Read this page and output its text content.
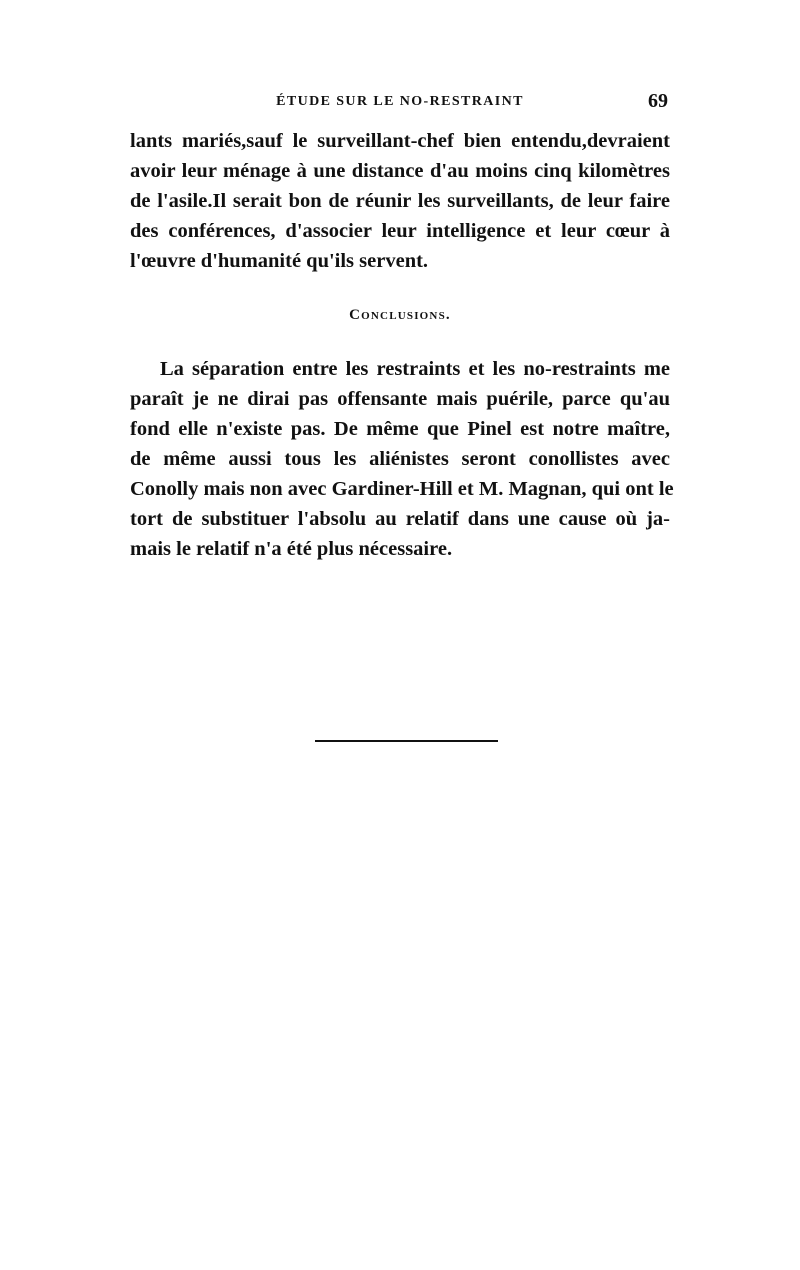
ÉTUDE SUR LE NO-RESTRAINT	69
lants mariés,sauf le surveillant-chef bien entendu,devraient
avoir leur ménage à une distance d'au moins cinq kilomètres
de l'asile.Il serait bon de réunir les surveillants, de leur faire
des conférences, d'associer leur intelligence et leur cœur à
l'œuvre d'humanité qu'ils servent.
Conclusions.
La séparation entre les restraints et les no-restraints me
paraît je ne dirai pas offensante mais puérile, parce qu'au
fond elle n'existe pas. De même que Pinel est notre maître,
de même aussi tous les aliénistes seront conollistes avec
Conolly mais non avec Gardiner-Hill et M. Magnan, qui ont le
tort de substituer l'absolu au relatif dans une cause où ja-
mais le relatif n'a été plus nécessaire.
